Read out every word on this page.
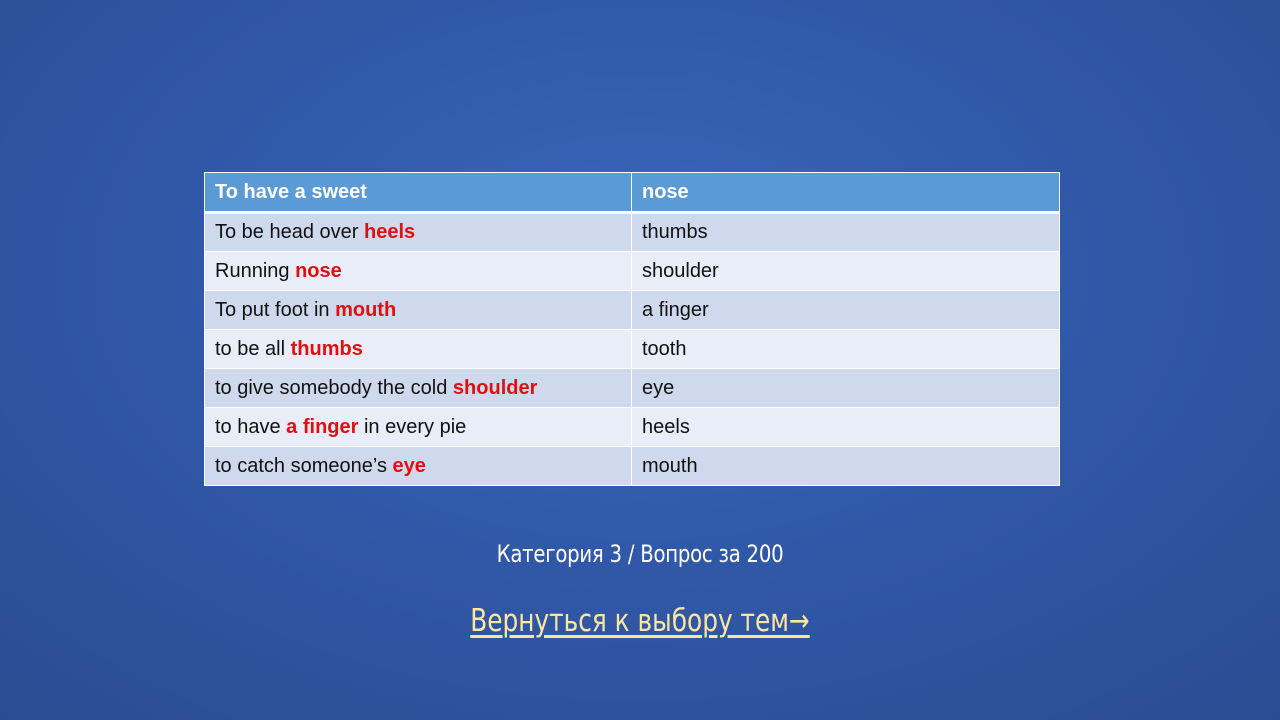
To have a sweet	nose
To be head over heels	thumbs
Running nose	shoulder
To put foot in mouth	a finger
to be all thumbs	tooth
to give somebody the cold shoulder	eye
to have a finger in every pie	heels
to catch someone’s eye	mouth
Категория 3 / Вопрос за 200
Вернуться к выбору тем→
